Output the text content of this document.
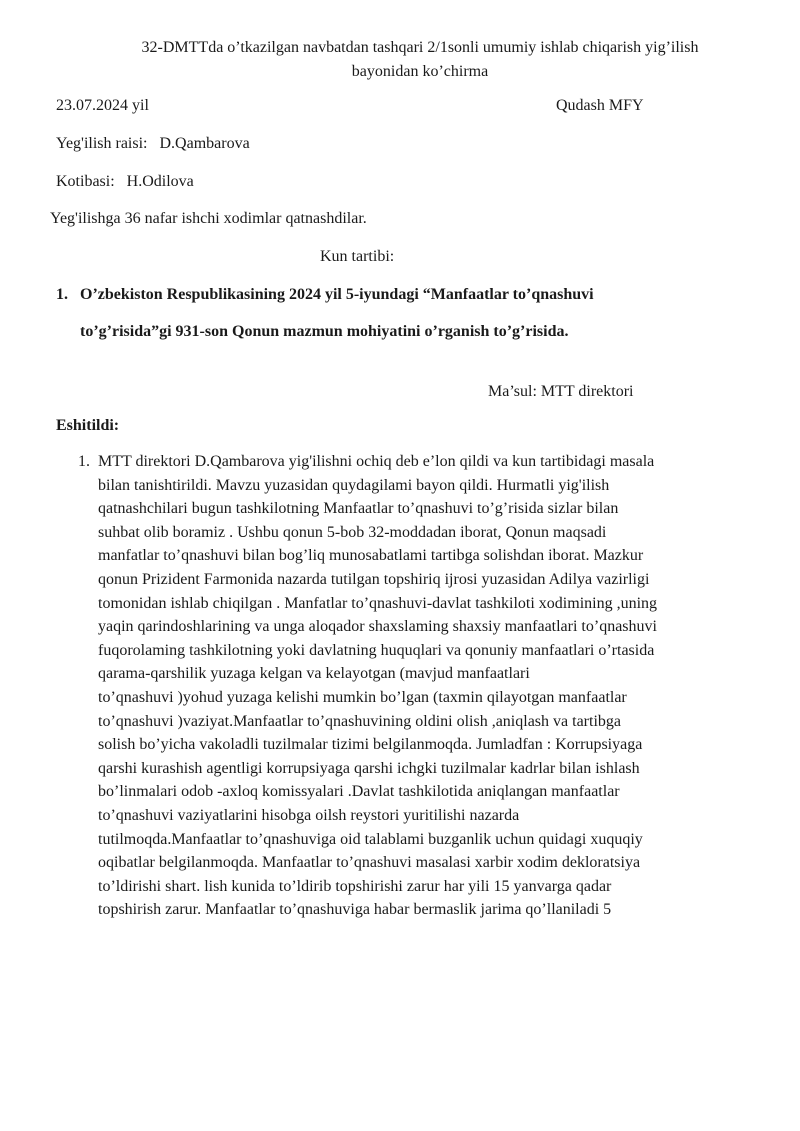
32-DMTTda o’tkazilgan navbatdan tashqari 2/1sonli umumiy ishlab chiqarish yig’ilish
bayonidan ko’chirma
23.07.2024 yil	Qudash MFY
Yeg'ilish raisi: D.Qambarova
Kotibasi: H.Odilova
Yeg'ilishga 36 nafar ishchi xodimlar qatnashdilar.
Kun tartibi:
1. O’zbekiston Respublikasining 2024 yil 5-iyundagi “Manfaatlar to’qnashuvi
to’g’risida”gi 931-son Qonun mazmun mohiyatini o’rganish to’g’risida.
Ma’sul: MTT direktori
Eshitildi:
1. MTT direktori D.Qambarova yig'ilishni ochiq deb e’lon qildi va kun tartibidagi masala
bilan tanishtirildi. Mavzu yuzasidan quydagilami bayon qildi. Hurmatli yig'ilish
qatnashchilari bugun tashkilotning Manfaatlar to’qnashuvi to’g’risida sizlar bilan
suhbat olib boramiz . Ushbu qonun 5-bob 32-moddadan iborat, Qonun maqsadi
manfatlar to’qnashuvi bilan bog’liq munosabatlami tartibga solishdan iborat. Mazkur
qonun Prizident Farmonida nazarda tutilgan topshiriq ijrosi yuzasidan Adilya vazirligi
tomonidan ishlab chiqilgan . Manfatlar to’qnashuvi-davlat tashkiloti xodimining ,uning
yaqin qarindoshlarining va unga aloqador shaxslaming shaxsiy manfaatlari to’qnashuvi
fuqorolaming tashkilotning yoki davlatning huquqlari va qonuniy manfaatlari o’rtasida
qarama-qarshilik yuzaga kelgan va kelayotgan (mavjud manfaatlari
to’qnashuvi )yohud yuzaga kelishi mumkin bo’lgan (taxmin qilayotgan manfaatlar
to’qnashuvi )vaziyat.Manfaatlar to’qnashuvining oldini olish ,aniqlash va tartibga
solish bo’yicha vakoladli tuzilmalar tizimi belgilanmoqda. Jumladfan : Korrupsiyaga
qarshi kurashish agentligi korrupsiyaga qarshi ichgki tuzilmalar kadrlar bilan ishlash
bo’linmalari odob -axloq komissyalari .Davlat tashkilotida aniqlangan manfaatlar
to’qnashuvi vaziyatlarini hisobga oilsh reystori yuritilishi nazarda
tutilmoqda.Manfaatlar to’qnashuviga oid talablami buzganlik uchun quidagi xuquqiy
oqibatlar belgilanmoqda. Manfaatlar to’qnashuvi masalasi xarbir xodim dekloratsiya
to’ldirishi shart. lish kunida to’ldirib topshirishi zarur har yili 15 yanvarga qadar
topshirish zarur. Manfaatlar to’qnashuviga habar bermaslik jarima qo’llaniladi 5
